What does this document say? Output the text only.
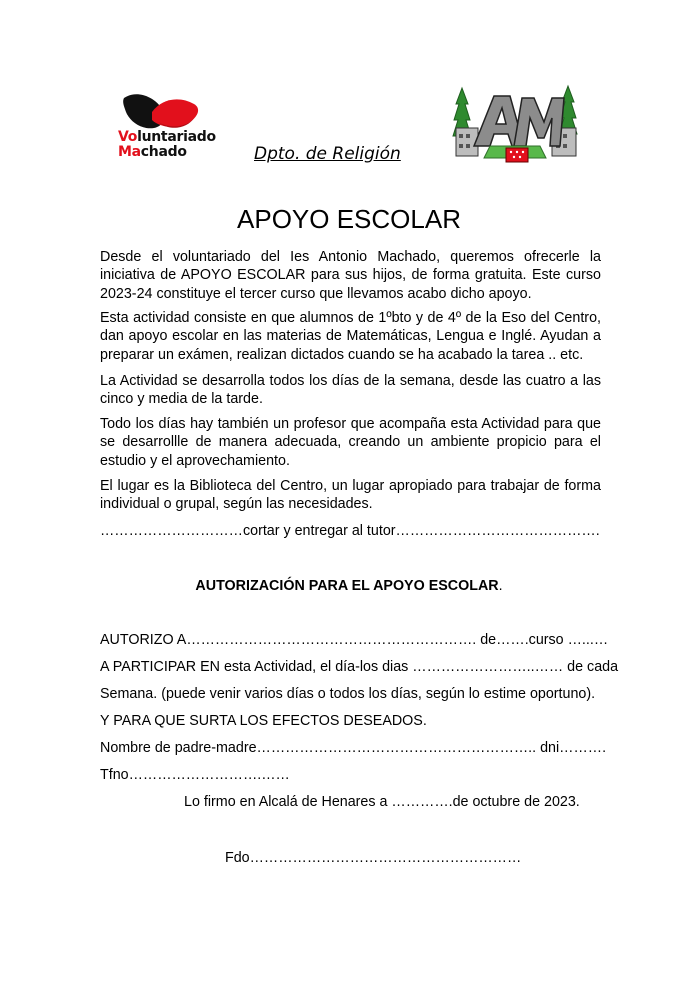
Voluntariado
Machado	Dpto. de Religión
APOYO ESCOLAR

Desde el voluntariado del Ies Antonio Machado, queremos ofrecerle la iniciativa de APOYO ESCOLAR para sus hijos, de forma gratuita. Este curso 2023-24 constituye el tercer curso que llevamos acabo dicho apoyo.

Esta actividad consiste en que alumnos de 1ºbto y de 4º de la Eso del Centro, dan apoyo escolar en las materias de Matemáticas, Lengua e Inglé. Ayudan a preparar un exámen, realizan dictados cuando se ha acabado la tarea .. etc.

La Actividad se desarrolla todos los días de la semana, desde las cuatro a las cinco y media de la tarde.

Todo los días hay también un profesor que acompaña esta Actividad para que se desarrollle de manera adecuada, creando un ambiente propicio para el estudio y el aprovechamiento.

El lugar es la Biblioteca del Centro, un lugar apropiado para trabajar de forma individual o grupal, según las necesidades.

…………………………cortar y entregar al tutor…………………………………….
AUTORIZACIÓN PARA EL APOYO ESCOLAR.
AUTORIZO A……………………………………………………. de…….curso …...…
A PARTICIPAR EN esta Actividad, el día-los dias ……………………..…… de cada
Semana. (puede venir varios días o todos los días, según lo estime oportuno).
Y PARA QUE SURTA LOS EFECTOS DESEADOS.
Nombre de padre-madre………………………………………………….. dni……….
Tfno……………………….……
Lo firmo en Alcalá de Henares a ………….de octubre de 2023.
Fdo…………………………………………………
